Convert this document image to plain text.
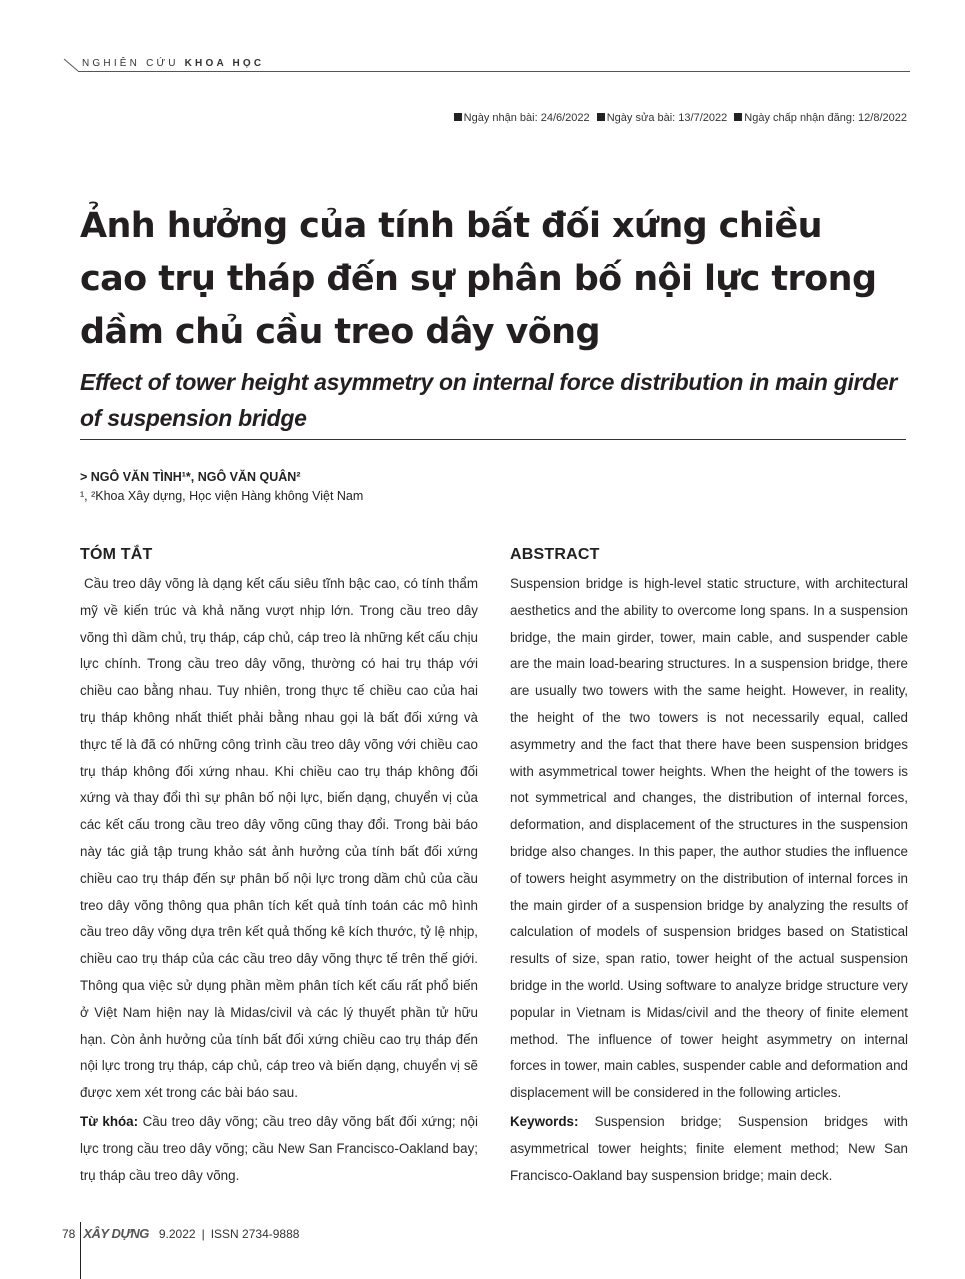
NGHIÊN CỨU KHOA HỌC
Ngày nhận bài: 24/6/2022 Ngày sửa bài: 13/7/2022 Ngày chấp nhận đăng: 12/8/2022
Ảnh hưởng của tính bất đối xứng chiều cao trụ tháp đến sự phân bố nội lực trong dầm chủ cầu treo dây võng
Effect of tower height asymmetry on internal force distribution in main girder of suspension bridge
> NGÔ VĂN TÌNH¹*, NGÔ VĂN QUÂN²
¹, ²Khoa Xây dựng, Học viện Hàng không Việt Nam
TÓM TẮT

Cầu treo dây võng là dạng kết cấu siêu tĩnh bậc cao, có tính thẩm mỹ về kiến trúc và khả năng vượt nhịp lớn. Trong cầu treo dây võng thì dầm chủ, trụ tháp, cáp chủ, cáp treo là những kết cấu chịu lực chính. Trong cầu treo dây võng, thường có hai trụ tháp với chiều cao bằng nhau. Tuy nhiên, trong thực tế chiều cao của hai trụ tháp không nhất thiết phải bằng nhau gọi là bất đối xứng và thực tế là đã có những công trình cầu treo dây võng với chiều cao trụ tháp không đối xứng nhau. Khi chiều cao trụ tháp không đối xứng và thay đổi thì sự phân bố nội lực, biến dạng, chuyển vị của các kết cấu trong cầu treo dây võng cũng thay đổi. Trong bài báo này tác giả tập trung khảo sát ảnh hưởng của tính bất đối xứng chiều cao trụ tháp đến sự phân bố nội lực trong dầm chủ của cầu treo dây võng thông qua phân tích kết quả tính toán các mô hình cầu treo dây võng dựa trên kết quả thống kê kích thước, tỷ lệ nhịp, chiều cao trụ tháp của các cầu treo dây võng thực tế trên thế giới. Thông qua việc sử dụng phần mềm phân tích kết cấu rất phổ biến ở Việt Nam hiện nay là Midas/civil và các lý thuyết phần tử hữu hạn. Còn ảnh hưởng của tính bất đối xứng chiều cao trụ tháp đến nội lực trong trụ tháp, cáp chủ, cáp treo và biến dạng, chuyển vị sẽ được xem xét trong các bài báo sau.

Từ khóa: Cầu treo dây võng; cầu treo dây võng bất đối xứng; nội lực trong cầu treo dây võng; cầu New San Francisco-Oakland bay; trụ tháp cầu treo dây võng.

ABSTRACT

Suspension bridge is high-level static structure, with architectural aesthetics and the ability to overcome long spans. In a suspension bridge, the main girder, tower, main cable, and suspender cable are the main load-bearing structures. In a suspension bridge, there are usually two towers with the same height. However, in reality, the height of the two towers is not necessarily equal, called asymmetry and the fact that there have been suspension bridges with asymmetrical tower heights. When the height of the towers is not symmetrical and changes, the distribution of internal forces, deformation, and displacement of the structures in the suspension bridge also changes. In this paper, the author studies the influence of towers height asymmetry on the distribution of internal forces in the main girder of a suspension bridge by analyzing the results of calculation of models of suspension bridges based on Statistical results of size, span ratio, tower height of the actual suspension bridge in the world. Using software to analyze bridge structure very popular in Vietnam is Midas/civil and the theory of finite element method. The influence of tower height asymmetry on internal forces in tower, main cables, suspender cable and deformation and displacement will be considered in the following articles.

Keywords: Suspension bridge; Suspension bridges with asymmetrical tower heights; finite element method; New San Francisco-Oakland bay suspension bridge; main deck.

78 XÂY DỰNG 9.2022 | ISSN 2734-9888
